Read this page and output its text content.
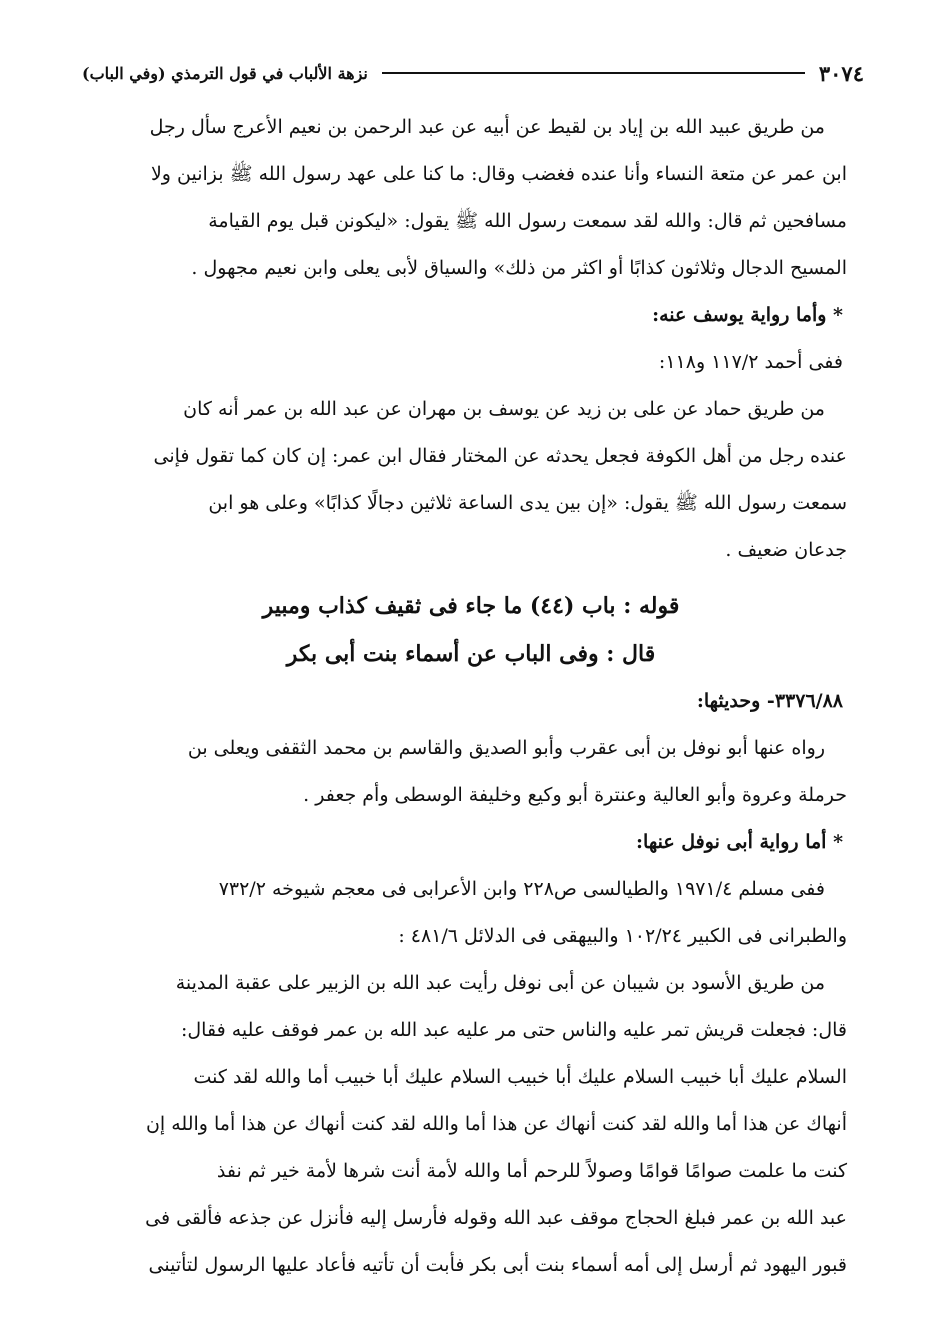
٣٠٧٤
نزهة الألباب في قول الترمذي (وفي الباب)

من طريق عبيد الله بن إياد بن لقيط عن أبيه عن عبد الرحمن بن نعيم الأعرج سأل رجل

ابن عمر عن متعة النساء وأنا عنده فغضب وقال: ما كنا على عهد رسول الله ﷺ بزانين ولا

مسافحين ثم قال: والله لقد سمعت رسول الله ﷺ يقول: «ليكونن قبل يوم القيامة

المسيح الدجال وثلاثون كذابًا أو اكثر من ذلك» والسياق لأبى يعلى وابن نعيم مجهول .

* وأما رواية يوسف عنه:

ففى أحمد ١١٧/٢ و١١٨:

من طريق حماد عن على بن زيد عن يوسف بن مهران عن عبد الله بن عمر أنه كان

عنده رجل من أهل الكوفة فجعل يحدثه عن المختار فقال ابن عمر: إن كان كما تقول فإنى

سمعت رسول الله ﷺ يقول: «إن بين يدى الساعة ثلاثين دجالًا كذابًا» وعلى هو ابن

جدعان ضعيف .

قوله : باب (٤٤) ما جاء فى ثقيف كذاب ومبير

قال : وفى الباب عن أسماء بنت أبى بكر

٣٣٧٦/٨٨- وحديثها:

رواه عنها أبو نوفل بن أبى عقرب وأبو الصديق والقاسم بن محمد الثقفى ويعلى بن

حرملة وعروة وأبو العالية وعنترة أبو وكيع وخليفة الوسطى وأم جعفر .

* أما رواية أبى نوفل عنها:

ففى مسلم ١٩٧١/٤ والطيالسى ص٢٢٨ وابن الأعرابى فى معجم شيوخه ٧٣٢/٢

والطبرانى فى الكبير ١٠٢/٢٤ والبيهقى فى الدلائل ٤٨١/٦ :

من طريق الأسود بن شيبان عن أبى نوفل رأيت عبد الله بن الزبير على عقبة المدينة

قال: فجعلت قريش تمر عليه والناس حتى مر عليه عبد الله بن عمر فوقف عليه فقال:

السلام عليك أبا خبيب السلام عليك أبا خبيب السلام عليك أبا خبيب أما والله لقد كنت

أنهاك عن هذا أما والله لقد كنت أنهاك عن هذا أما والله لقد كنت أنهاك عن هذا أما والله إن

كنت ما علمت صوامًا قوامًا وصولاً للرحم أما والله لأمة أنت شرها لأمة خير ثم نفذ

عبد الله بن عمر فبلغ الحجاج موقف عبد الله وقوله فأرسل إليه فأنزل عن جذعه فألقى فى

قبور اليهود ثم أرسل إلى أمه أسماء بنت أبى بكر فأبت أن تأتيه فأعاد عليها الرسول لتأتينى
